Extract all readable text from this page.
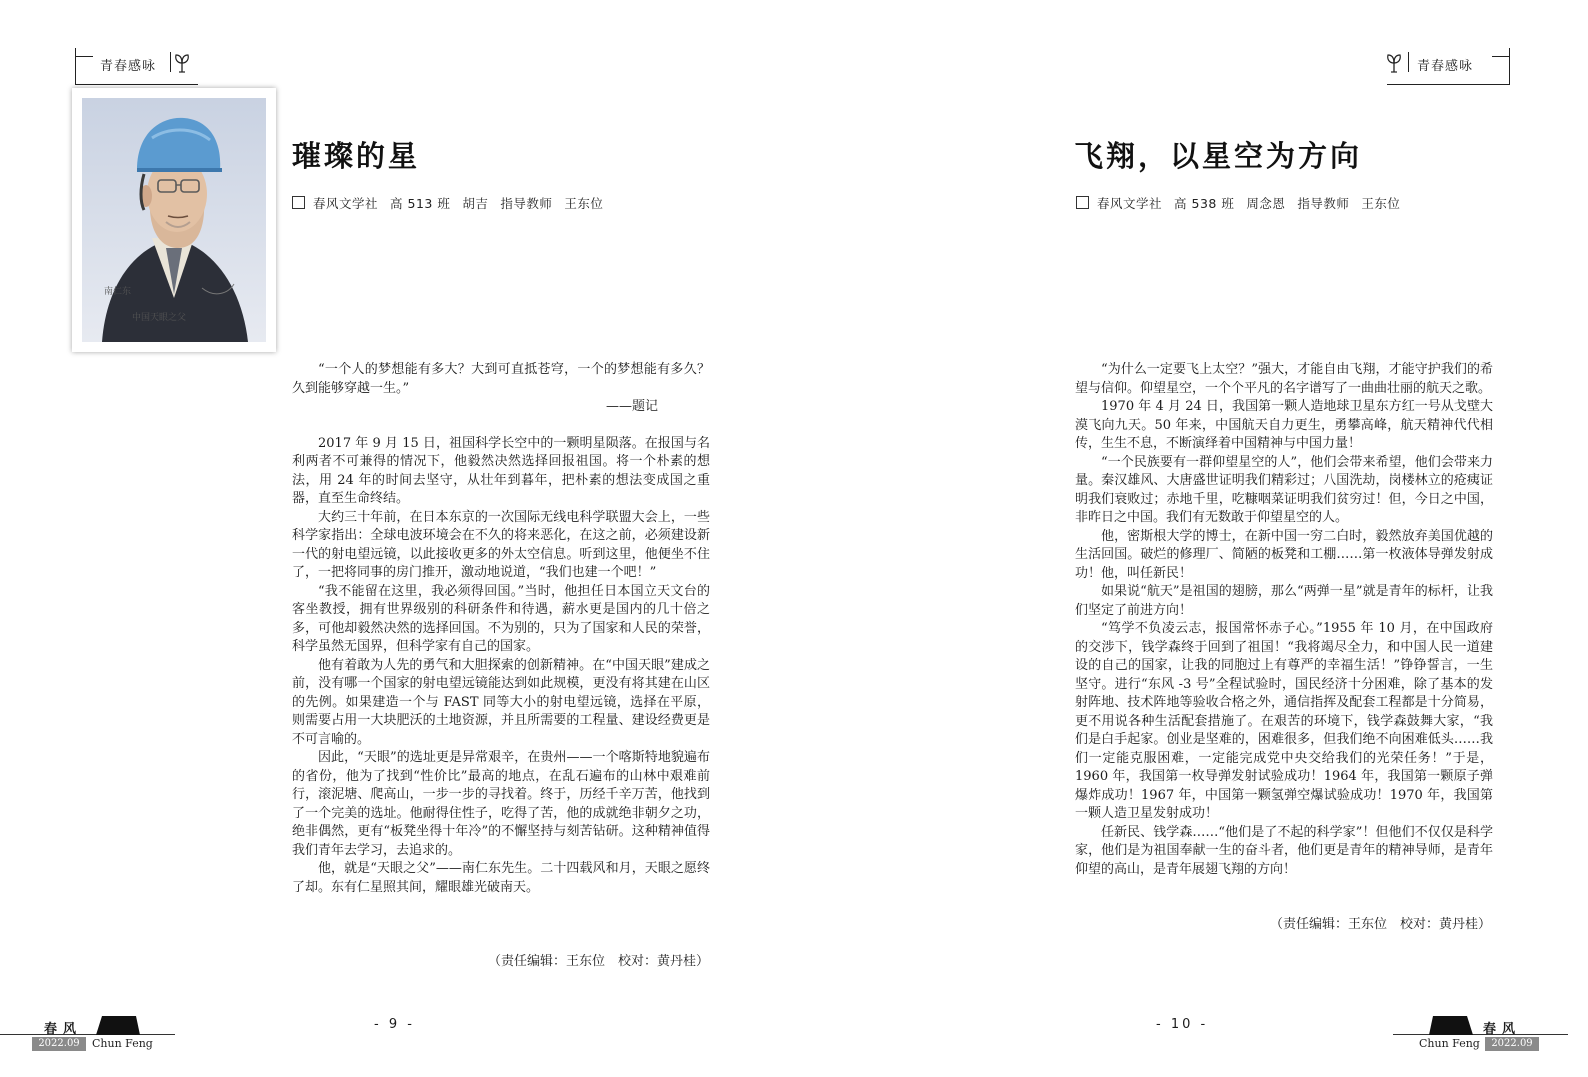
青春感咏
南仁东
中国天眼之父
璀璨的星
春风文学社 高 513 班 胡吉 指导教师 王东位

“一个人的梦想能有多大？大到可直抵苍穹，一个的梦想能有多久？久到能够穿越一生。”

——题记

2017 年 9 月 15 日，祖国科学长空中的一颗明星陨落。在报国与名利两者不可兼得的情况下，他毅然决然选择回报祖国。将一个朴素的想法，用 24 年的时间去坚守，从壮年到暮年，把朴素的想法变成国之重器，直至生命终结。

大约三十年前，在日本东京的一次国际无线电科学联盟大会上，一些科学家指出：全球电波环境会在不久的将来恶化，在这之前，必须建设新一代的射电望远镜，以此接收更多的外太空信息。听到这里，他便坐不住了，一把将同事的房门推开，激动地说道，“我们也建一个吧！”

“我不能留在这里，我必须得回国。”当时，他担任日本国立天文台的客坐教授，拥有世界级别的科研条件和待遇，薪水更是国内的几十倍之多，可他却毅然决然的选择回国。不为别的，只为了国家和人民的荣誉，科学虽然无国界，但科学家有自己的国家。

他有着敢为人先的勇气和大胆探索的创新精神。在“中国天眼”建成之前，没有哪一个国家的射电望远镜能达到如此规模，更没有将其建在山区的先例。如果建造一个与 FAST 同等大小的射电望远镜，选择在平原，则需要占用一大块肥沃的土地资源，并且所需要的工程量、建设经费更是不可言喻的。

因此，“天眼”的选址更是异常艰辛，在贵州——一个喀斯特地貌遍布的省份，他为了找到“性价比”最高的地点，在乱石遍布的山林中艰难前行，滚泥塘、爬高山，一步一步的寻找着。终于，历经千辛万苦，他找到了一个完美的选址。他耐得住性子，吃得了苦，他的成就绝非朝夕之功，绝非偶然，更有“板凳坐得十年冷”的不懈坚持与刻苦钻研。这种精神值得我们青年去学习，去追求的。

他，就是“天眼之父”——南仁东先生。二十四载风和月，天眼之愿终了却。东有仁星照其间，耀眼雄光破南天。

（责任编辑：王东位　校对：黄丹桂）
春风
2022.09	Chun Feng
- 9 -
青春感咏
飞翔，以星空为方向
春风文学社 高 538 班 周念恩 指导教师 王东位

“为什么一定要飞上太空？”强大，才能自由飞翔，才能守护我们的希望与信仰。仰望星空，一个个平凡的名字谱写了一曲曲壮丽的航天之歌。

1970 年 4 月 24 日，我国第一颗人造地球卫星东方红一号从戈壁大漠飞向九天。50 年来，中国航天自力更生，勇攀高峰，航天精神代代相传，生生不息，不断演绎着中国精神与中国力量！

“一个民族要有一群仰望星空的人”，他们会带来希望，他们会带来力量。秦汉雄风、大唐盛世证明我们精彩过；八国洗劫，岗楼林立的疮痍证明我们衰败过；赤地千里，吃糠咽菜证明我们贫穷过！但，今日之中国，非昨日之中国。我们有无数敢于仰望星空的人。

他，密斯根大学的博士，在新中国一穷二白时，毅然放弃美国优越的生活回国。破烂的修理厂、简陋的板凳和工棚……第一枚液体导弹发射成功！他，叫任新民！

如果说“航天”是祖国的翅膀，那么“两弹一星”就是青年的标杆，让我们坚定了前进方向！

“笃学不负凌云志，报国常怀赤子心。”1955 年 10 月，在中国政府的交涉下，钱学森终于回到了祖国！“我将竭尽全力，和中国人民一道建设的自己的国家，让我的同胞过上有尊严的幸福生活！”铮铮誓言，一生坚守。进行“东风 -3 号”全程试验时，国民经济十分困难，除了基本的发射阵地、技术阵地等验收合格之外，通信指挥及配套工程都是十分简易，更不用说各种生活配套措施了。在艰苦的环境下，钱学森鼓舞大家，“我们是白手起家。创业是坚难的，困难很多，但我们绝不向困难低头……我们一定能克服困难，一定能完成党中央交给我们的光荣任务！”于是，1960 年，我国第一枚导弹发射试验成功！1964 年，我国第一颗原子弹爆炸成功！1967 年，中国第一颗氢弹空爆试验成功！1970 年，我国第一颗人造卫星发射成功！

任新民、钱学森……“他们是了不起的科学家”！但他们不仅仅是科学家，他们是为祖国奉献一生的奋斗者，他们更是青年的精神导师，是青年仰望的高山，是青年展翅飞翔的方向！

（责任编辑：王东位　校对：黄丹桂）
- 10 -	春风
Chun Feng	2022.09
